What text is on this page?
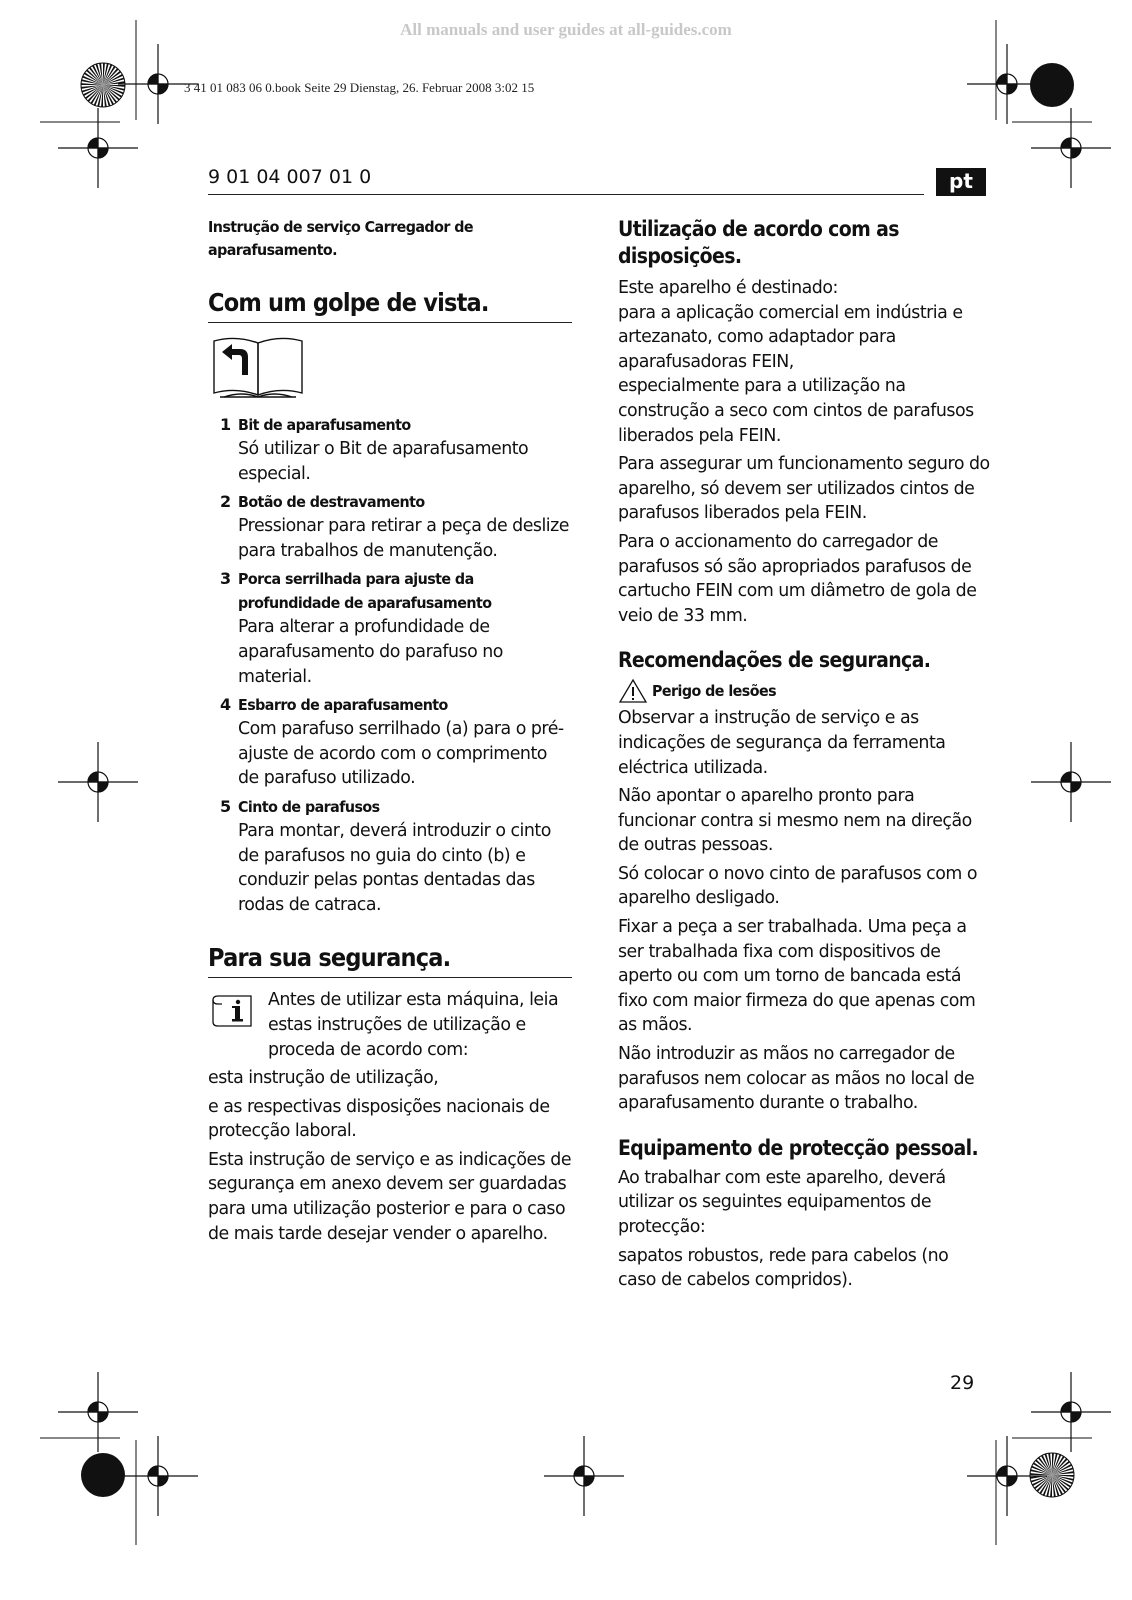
All manuals and user guides at all-guides.com
3 41 01 083 06 0.book Seite 29 Dienstag, 26. Februar 2008 3:02 15
9 01 04 007 01 0	pt

Instrução de serviço Carregador de aparafusamento.

Com um golpe de vista.
1 Bit de aparafusamento
Só utilizar o Bit de aparafusamento especial.
2 Botão de destravamento
Pressionar para retirar a peça de deslize para trabalhos de manutenção.
3 Porca serrilhada para ajuste da profundidade de aparafusamento
Para alterar a profundidade de aparafusamento do parafuso no material.
4 Esbarro de aparafusamento
Com parafuso serrilhado (a) para o pré-ajuste de acordo com o comprimento de parafuso utilizado.
5 Cinto de parafusos
Para montar, deverá introduzir o cinto de parafusos no guia do cinto (b) e conduzir pelas pontas dentadas das rodas de catraca.
Para sua segurança.

Antes de utilizar esta máquina, leia estas instruções de utilização e proceda de acordo com:

esta instrução de utilização,

e as respectivas disposições nacionais de protecção laboral.

Esta instrução de serviço e as indicações de segurança em anexo devem ser guardadas para uma utilização posterior e para o caso de mais tarde desejar vender o aparelho.

Utilização de acordo com as disposições.

Este aparelho é destinado:

para a aplicação comercial em indústria e artezanato, como adaptador para aparafusadoras FEIN,

especialmente para a utilização na construção a seco com cintos de parafusos liberados pela FEIN.

Para assegurar um funcionamento seguro do aparelho, só devem ser utilizados cintos de parafusos liberados pela FEIN.

Para o accionamento do carregador de parafusos só são apropriados parafusos de cartucho FEIN com um diâmetro de gola de veio de 33 mm.

Recomendações de segurança.
Perigo de lesões

Observar a instrução de serviço e as indicações de segurança da ferramenta eléctrica utilizada.

Não apontar o aparelho pronto para funcionar contra si mesmo nem na direção de outras pessoas.

Só colocar o novo cinto de parafusos com o aparelho desligado.

Fixar a peça a ser trabalhada. Uma peça a ser trabalhada fixa com dispositivos de aperto ou com um torno de bancada está fixo com maior firmeza do que apenas com as mãos.

Não introduzir as mãos no carregador de parafusos nem colocar as mãos no local de aparafusamento durante o trabalho.

Equipamento de protecção pessoal.

Ao trabalhar com este aparelho, deverá utilizar os seguintes equipamentos de protecção:

sapatos robustos, rede para cabelos (no caso de cabelos compridos).

29
